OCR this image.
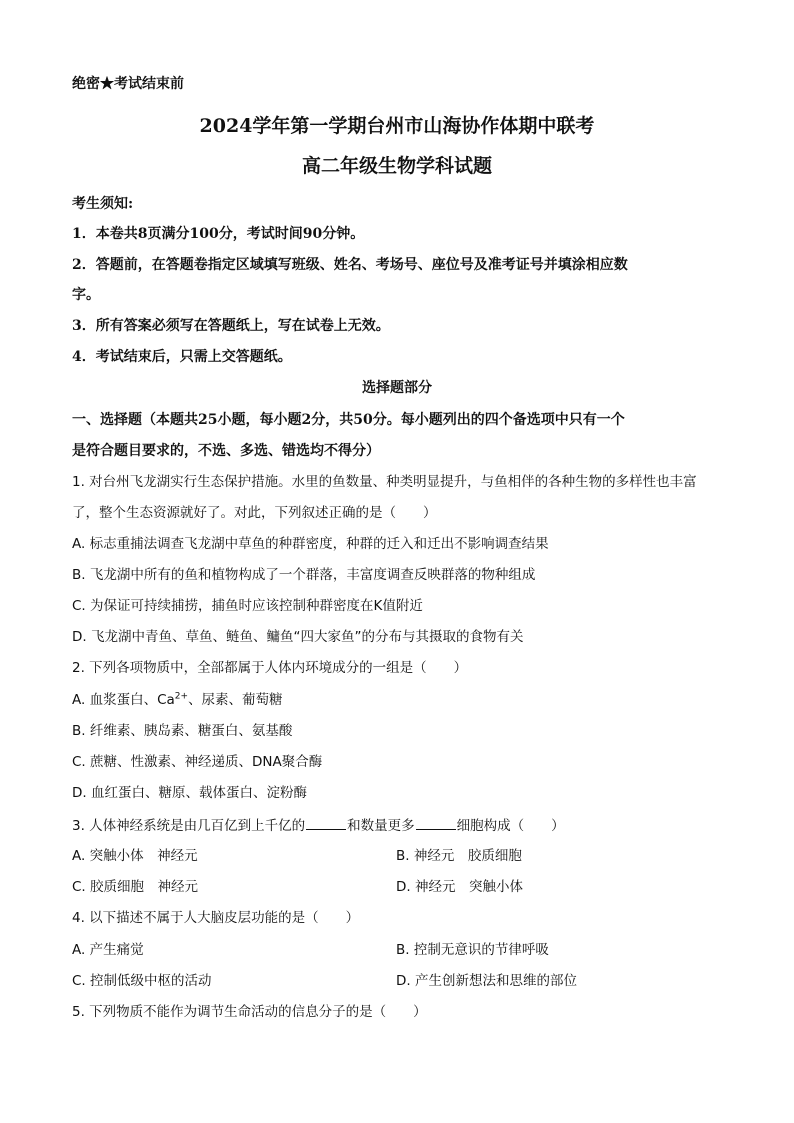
绝密★考试结束前
2024学年第一学期台州市山海协作体期中联考
高二年级生物学科试题
考生须知:
1．本卷共8页满分100分，考试时间90分钟。
2．答题前，在答题卷指定区域填写班级、姓名、考场号、座位号及准考证号并填涂相应数
字。
3．所有答案必须写在答题纸上，写在试卷上无效。
4．考试结束后，只需上交答题纸。
选择题部分
一、选择题（本题共25小题，每小题2分，共50分。每小题列出的四个备选项中只有一个
是符合题目要求的，不选、多选、错选均不得分）
1. 对台州飞龙湖实行生态保护措施。水里的鱼数量、种类明显提升，与鱼相伴的各种生物的多样性也丰富
了，整个生态资源就好了。对此，下列叙述正确的是（　　）
A. 标志重捕法调查飞龙湖中草鱼的种群密度，种群的迁入和迁出不影响调查结果
B. 飞龙湖中所有的鱼和植物构成了一个群落，丰富度调查反映群落的物种组成
C. 为保证可持续捕捞，捕鱼时应该控制种群密度在K值附近
D. 飞龙湖中青鱼、草鱼、鲢鱼、鳙鱼“四大家鱼”的分布与其摄取的食物有关
2. 下列各项物质中，全部都属于人体内环境成分的一组是（　　）
A. 血浆蛋白、$Ca^{2+}$、尿素、葡萄糖
B. 纤维素、胰岛素、糖蛋白、氨基酸
C. 蔗糖、性激素、神经递质、DNA聚合酶
D. 血红蛋白、糖原、载体蛋白、淀粉酶
3. 人体神经系统是由几百亿到上千亿的	和数量更多	细胞构成（　　）
A. 突触小体　神经元	B. 神经元　胶质细胞
C. 胶质细胞　神经元	D. 神经元　突触小体
4. 以下描述不属于人大脑皮层功能的是（　　）
A. 产生痛觉	B. 控制无意识的节律呼吸
C. 控制低级中枢的活动	D. 产生创新想法和思维的部位
5. 下列物质不能作为调节生命活动的信息分子的是（　　）
